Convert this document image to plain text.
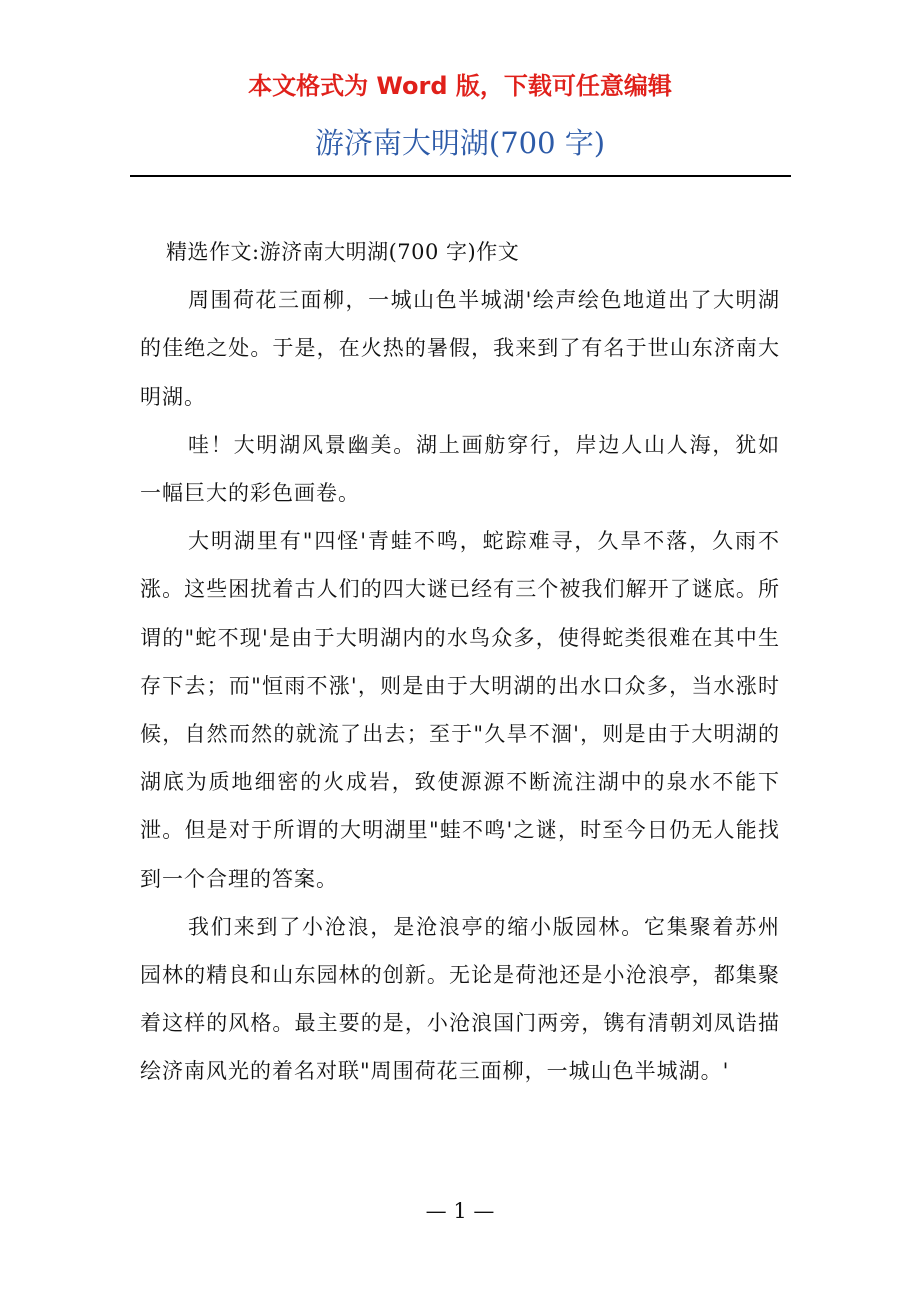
本文格式为 Word 版，下载可任意编辑
游济南大明湖(700 字)

精选作文:游济南大明湖(700 字)作文

周围荷花三面柳，一城山色半城湖'绘声绘色地道出了大明湖的佳绝之处。于是，在火热的暑假，我来到了有名于世山东济南大明湖。

哇！大明湖风景幽美。湖上画舫穿行，岸边人山人海，犹如一幅巨大的彩色画卷。

大明湖里有"四怪'青蛙不鸣，蛇踪难寻，久旱不落，久雨不涨。这些困扰着古人们的四大谜已经有三个被我们解开了谜底。所谓的"蛇不现'是由于大明湖内的水鸟众多，使得蛇类很难在其中生存下去；而"恒雨不涨'，则是由于大明湖的出水口众多，当水涨时候，自然而然的就流了出去；至于"久旱不涸'，则是由于大明湖的湖底为质地细密的火成岩，致使源源不断流注湖中的泉水不能下泄。但是对于所谓的大明湖里"蛙不鸣'之谜，时至今日仍无人能找到一个合理的答案。

我们来到了小沧浪，是沧浪亭的缩小版园林。它集聚着苏州园林的精良和山东园林的创新。无论是荷池还是小沧浪亭，都集聚着这样的风格。最主要的是，小沧浪国门两旁，镌有清朝刘凤诰描绘济南风光的着名对联"周围荷花三面柳，一城山色半城湖。'

— 1 —
